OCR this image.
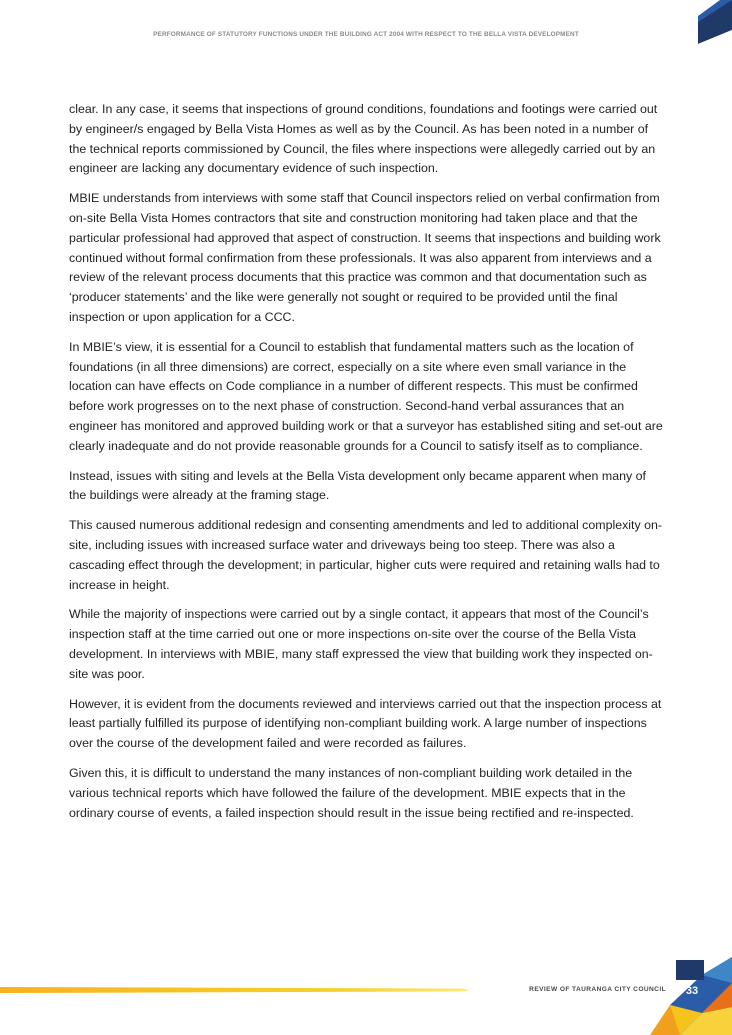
PERFORMANCE OF STATUTORY FUNCTIONS UNDER THE BUILDING ACT 2004 WITH RESPECT TO THE BELLA VISTA DEVELOPMENT

clear. In any case, it seems that inspections of ground conditions, foundations and footings were carried out by engineer/s engaged by Bella Vista Homes as well as by the Council. As has been noted in a number of the technical reports commissioned by Council, the files where inspections were allegedly carried out by an engineer are lacking any documentary evidence of such inspection.

MBIE understands from interviews with some staff that Council inspectors relied on verbal confirmation from on-site Bella Vista Homes contractors that site and construction monitoring had taken place and that the particular professional had approved that aspect of construction. It seems that inspections and building work continued without formal confirmation from these professionals. It was also apparent from interviews and a review of the relevant process documents that this practice was common and that documentation such as ‘producer statements’ and the like were generally not sought or required to be provided until the final inspection or upon application for a CCC.

In MBIE’s view, it is essential for a Council to establish that fundamental matters such as the location of foundations (in all three dimensions) are correct, especially on a site where even small variance in the location can have effects on Code compliance in a number of different respects. This must be confirmed before work progresses on to the next phase of construction. Second-hand verbal assurances that an engineer has monitored and approved building work or that a surveyor has established siting and set-out are clearly inadequate and do not provide reasonable grounds for a Council to satisfy itself as to compliance.

Instead, issues with siting and levels at the Bella Vista development only became apparent when many of the buildings were already at the framing stage.

This caused numerous additional redesign and consenting amendments and led to additional complexity on-site, including issues with increased surface water and driveways being too steep. There was also a cascading effect through the development; in particular, higher cuts were required and retaining walls had to increase in height.

While the majority of inspections were carried out by a single contact, it appears that most of the Council’s inspection staff at the time carried out one or more inspections on-site over the course of the Bella Vista development. In interviews with MBIE, many staff expressed the view that building work they inspected on-site was poor.

However, it is evident from the documents reviewed and interviews carried out that the inspection process at least partially fulfilled its purpose of identifying non-compliant building work. A large number of inspections over the course of the development failed and were recorded as failures.

Given this, it is difficult to understand the many instances of non-compliant building work detailed in the various technical reports which have followed the failure of the development. MBIE expects that in the ordinary course of events, a failed inspection should result in the issue being rectified and re-inspected.

REVIEW OF TAURANGA CITY COUNCIL	33
